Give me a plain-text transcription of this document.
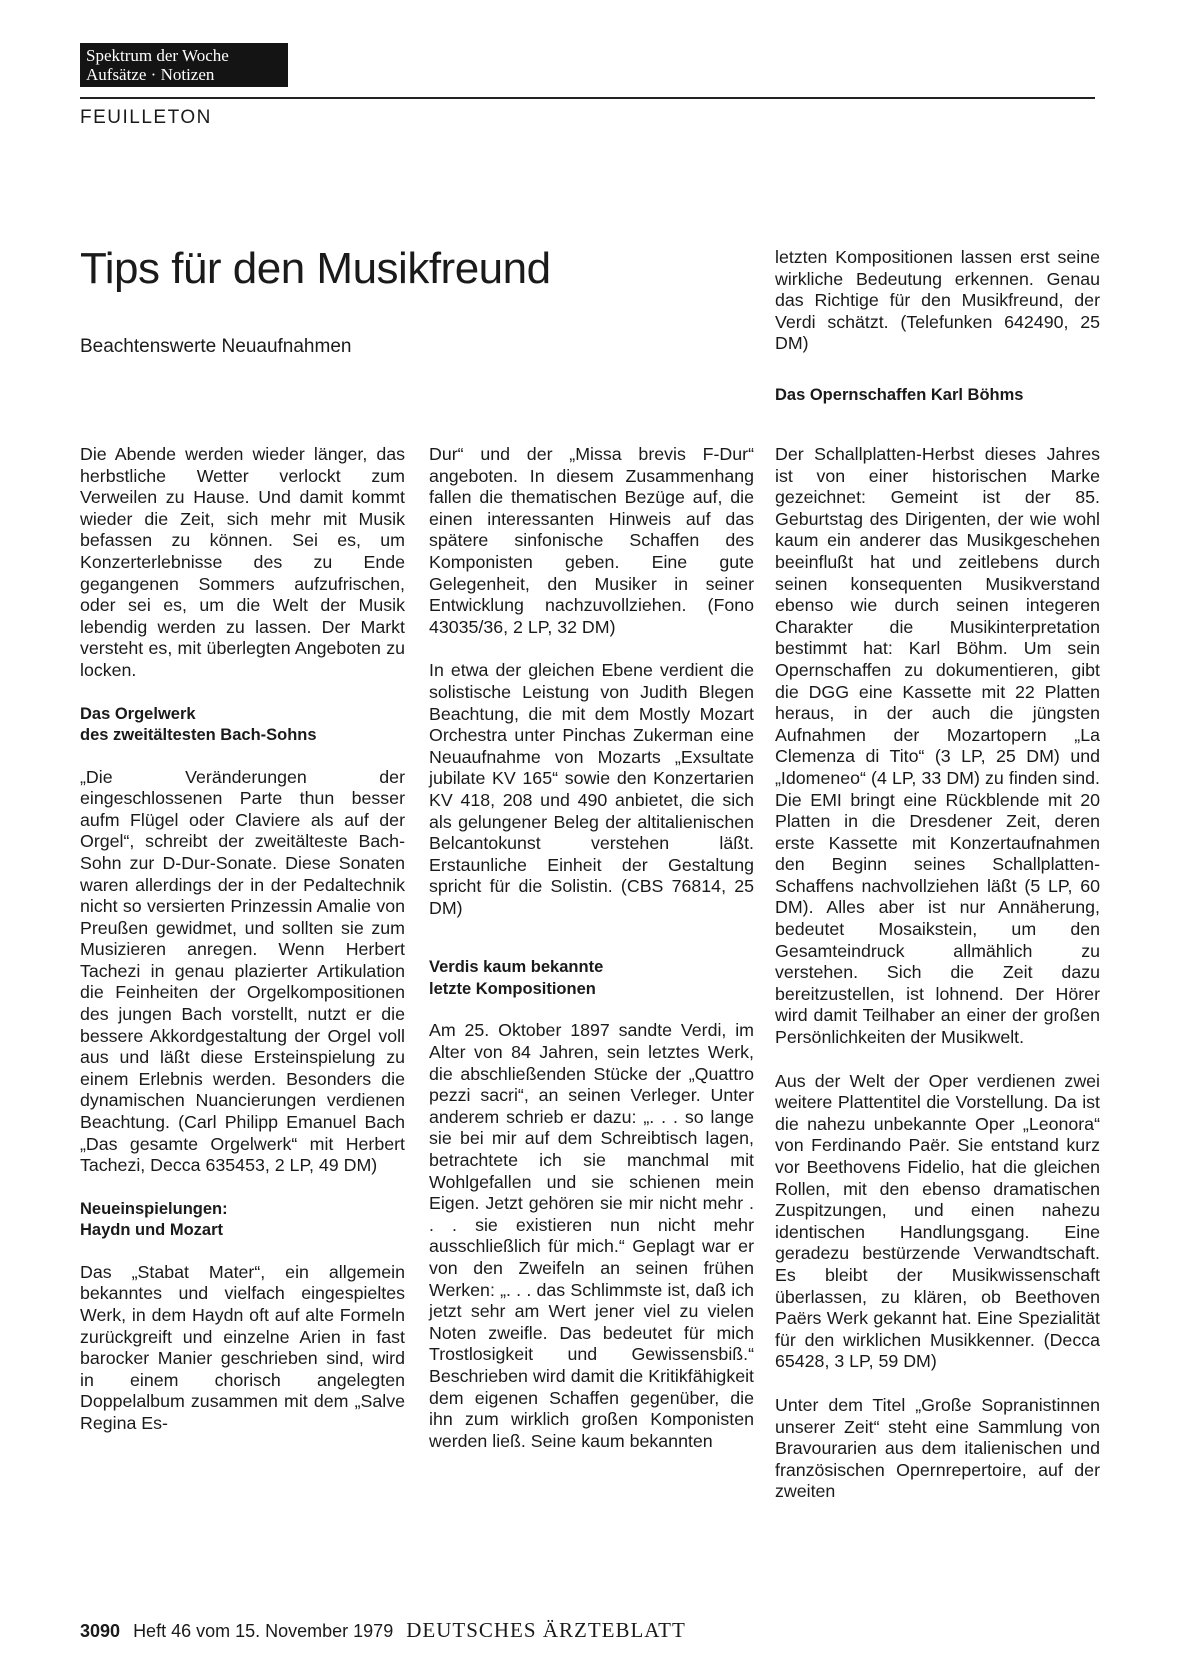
Spektrum der Woche
Aufsätze · Notizen
FEUILLETON
Tips für den Musikfreund
Beachtenswerte Neuaufnahmen

Die Abende werden wieder länger, das herbstliche Wetter verlockt zum Verweilen zu Hause. Und damit kommt wieder die Zeit, sich mehr mit Musik befassen zu können. Sei es, um Konzerterlebnisse des zu Ende gegangenen Sommers aufzufrischen, oder sei es, um die Welt der Musik lebendig werden zu lassen. Der Markt versteht es, mit überlegten Angeboten zu locken.

Das Orgelwerk
des zweitältesten Bach-Sohns

„Die Veränderungen der eingeschlossenen Parte thun besser aufm Flügel oder Claviere als auf der Orgel“, schreibt der zweitälteste Bach-Sohn zur D-Dur-Sonate. Diese Sonaten waren allerdings der in der Pedaltechnik nicht so versierten Prinzessin Amalie von Preußen gewidmet, und sollten sie zum Musizieren anregen. Wenn Herbert Tachezi in genau plazierter Artikulation die Feinheiten der Orgelkompositionen des jungen Bach vorstellt, nutzt er die bessere Akkordgestaltung der Orgel voll aus und läßt diese Ersteinspielung zu einem Erlebnis werden. Besonders die dynamischen Nuancierungen verdienen Beachtung. (Carl Philipp Emanuel Bach „Das gesamte Orgelwerk“ mit Herbert Tachezi, Decca 635453, 2 LP, 49 DM)

Neueinspielungen:
Haydn und Mozart

Das „Stabat Mater“, ein allgemein bekanntes und vielfach eingespieltes Werk, in dem Haydn oft auf alte Formeln zurückgreift und einzelne Arien in fast barocker Manier geschrieben sind, wird in einem chorisch angelegten Doppelalbum zusammen mit dem „Salve Regina Es-

Dur“ und der „Missa brevis F-Dur“ angeboten. In diesem Zusammenhang fallen die thematischen Bezüge auf, die einen interessanten Hinweis auf das spätere sinfonische Schaffen des Komponisten geben. Eine gute Gelegenheit, den Musiker in seiner Entwicklung nachzuvollziehen. (Fono 43035/36, 2 LP, 32 DM)

In etwa der gleichen Ebene verdient die solistische Leistung von Judith Blegen Beachtung, die mit dem Mostly Mozart Orchestra unter Pinchas Zukerman eine Neuaufnahme von Mozarts „Exsultate jubilate KV 165“ sowie den Konzertarien KV 418, 208 und 490 anbietet, die sich als gelungener Beleg der altitalienischen Belcantokunst verstehen läßt. Erstaunliche Einheit der Gestaltung spricht für die Solistin. (CBS 76814, 25 DM)

Verdis kaum bekannte
letzte Kompositionen

Am 25. Oktober 1897 sandte Verdi, im Alter von 84 Jahren, sein letztes Werk, die abschließenden Stücke der „Quattro pezzi sacri“, an seinen Verleger. Unter anderem schrieb er dazu: „. . . so lange sie bei mir auf dem Schreibtisch lagen, betrachtete ich sie manchmal mit Wohlgefallen und sie schienen mein Eigen. Jetzt gehören sie mir nicht mehr . . . sie existieren nun nicht mehr ausschließlich für mich.“ Geplagt war er von den Zweifeln an seinen frühen Werken: „. . . das Schlimmste ist, daß ich jetzt sehr am Wert jener viel zu vielen Noten zweifle. Das bedeutet für mich Trostlosigkeit und Gewissensbiß.“ Beschrieben wird damit die Kritikfähigkeit dem eigenen Schaffen gegenüber, die ihn zum wirklich großen Komponisten werden ließ. Seine kaum bekannten

letzten Kompositionen lassen erst seine wirkliche Bedeutung erkennen. Genau das Richtige für den Musikfreund, der Verdi schätzt. (Telefunken 642490, 25 DM)

Das Opernschaffen Karl Böhms

Der Schallplatten-Herbst dieses Jahres ist von einer historischen Marke gezeichnet: Gemeint ist der 85. Geburtstag des Dirigenten, der wie wohl kaum ein anderer das Musikgeschehen beeinflußt hat und zeitlebens durch seinen konsequenten Musikverstand ebenso wie durch seinen integeren Charakter die Musikinterpretation bestimmt hat: Karl Böhm. Um sein Opernschaffen zu dokumentieren, gibt die DGG eine Kassette mit 22 Platten heraus, in der auch die jüngsten Aufnahmen der Mozartopern „La Clemenza di Tito“ (3 LP, 25 DM) und „Idomeneo“ (4 LP, 33 DM) zu finden sind. Die EMI bringt eine Rückblende mit 20 Platten in die Dresdener Zeit, deren erste Kassette mit Konzertaufnahmen den Beginn seines Schallplatten-Schaffens nachvollziehen läßt (5 LP, 60 DM). Alles aber ist nur Annäherung, bedeutet Mosaikstein, um den Gesamteindruck allmählich zu verstehen. Sich die Zeit dazu bereitzustellen, ist lohnend. Der Hörer wird damit Teilhaber an einer der großen Persönlichkeiten der Musikwelt.

Aus der Welt der Oper verdienen zwei weitere Plattentitel die Vorstellung. Da ist die nahezu unbekannte Oper „Leonora“ von Ferdinando Paër. Sie entstand kurz vor Beethovens Fidelio, hat die gleichen Rollen, mit den ebenso dramatischen Zuspitzungen, und einen nahezu identischen Handlungsgang. Eine geradezu bestürzende Verwandtschaft. Es bleibt der Musikwissenschaft überlassen, zu klären, ob Beethoven Paërs Werk gekannt hat. Eine Spezialität für den wirklichen Musikkenner. (Decca 65428, 3 LP, 59 DM)

Unter dem Titel „Große Sopranistinnen unserer Zeit“ steht eine Sammlung von Bravourarien aus dem italienischen und französischen Opernrepertoire, auf der zweiten

3090 Heft 46 vom 15. November 1979 DEUTSCHES ÄRZTEBLATT
